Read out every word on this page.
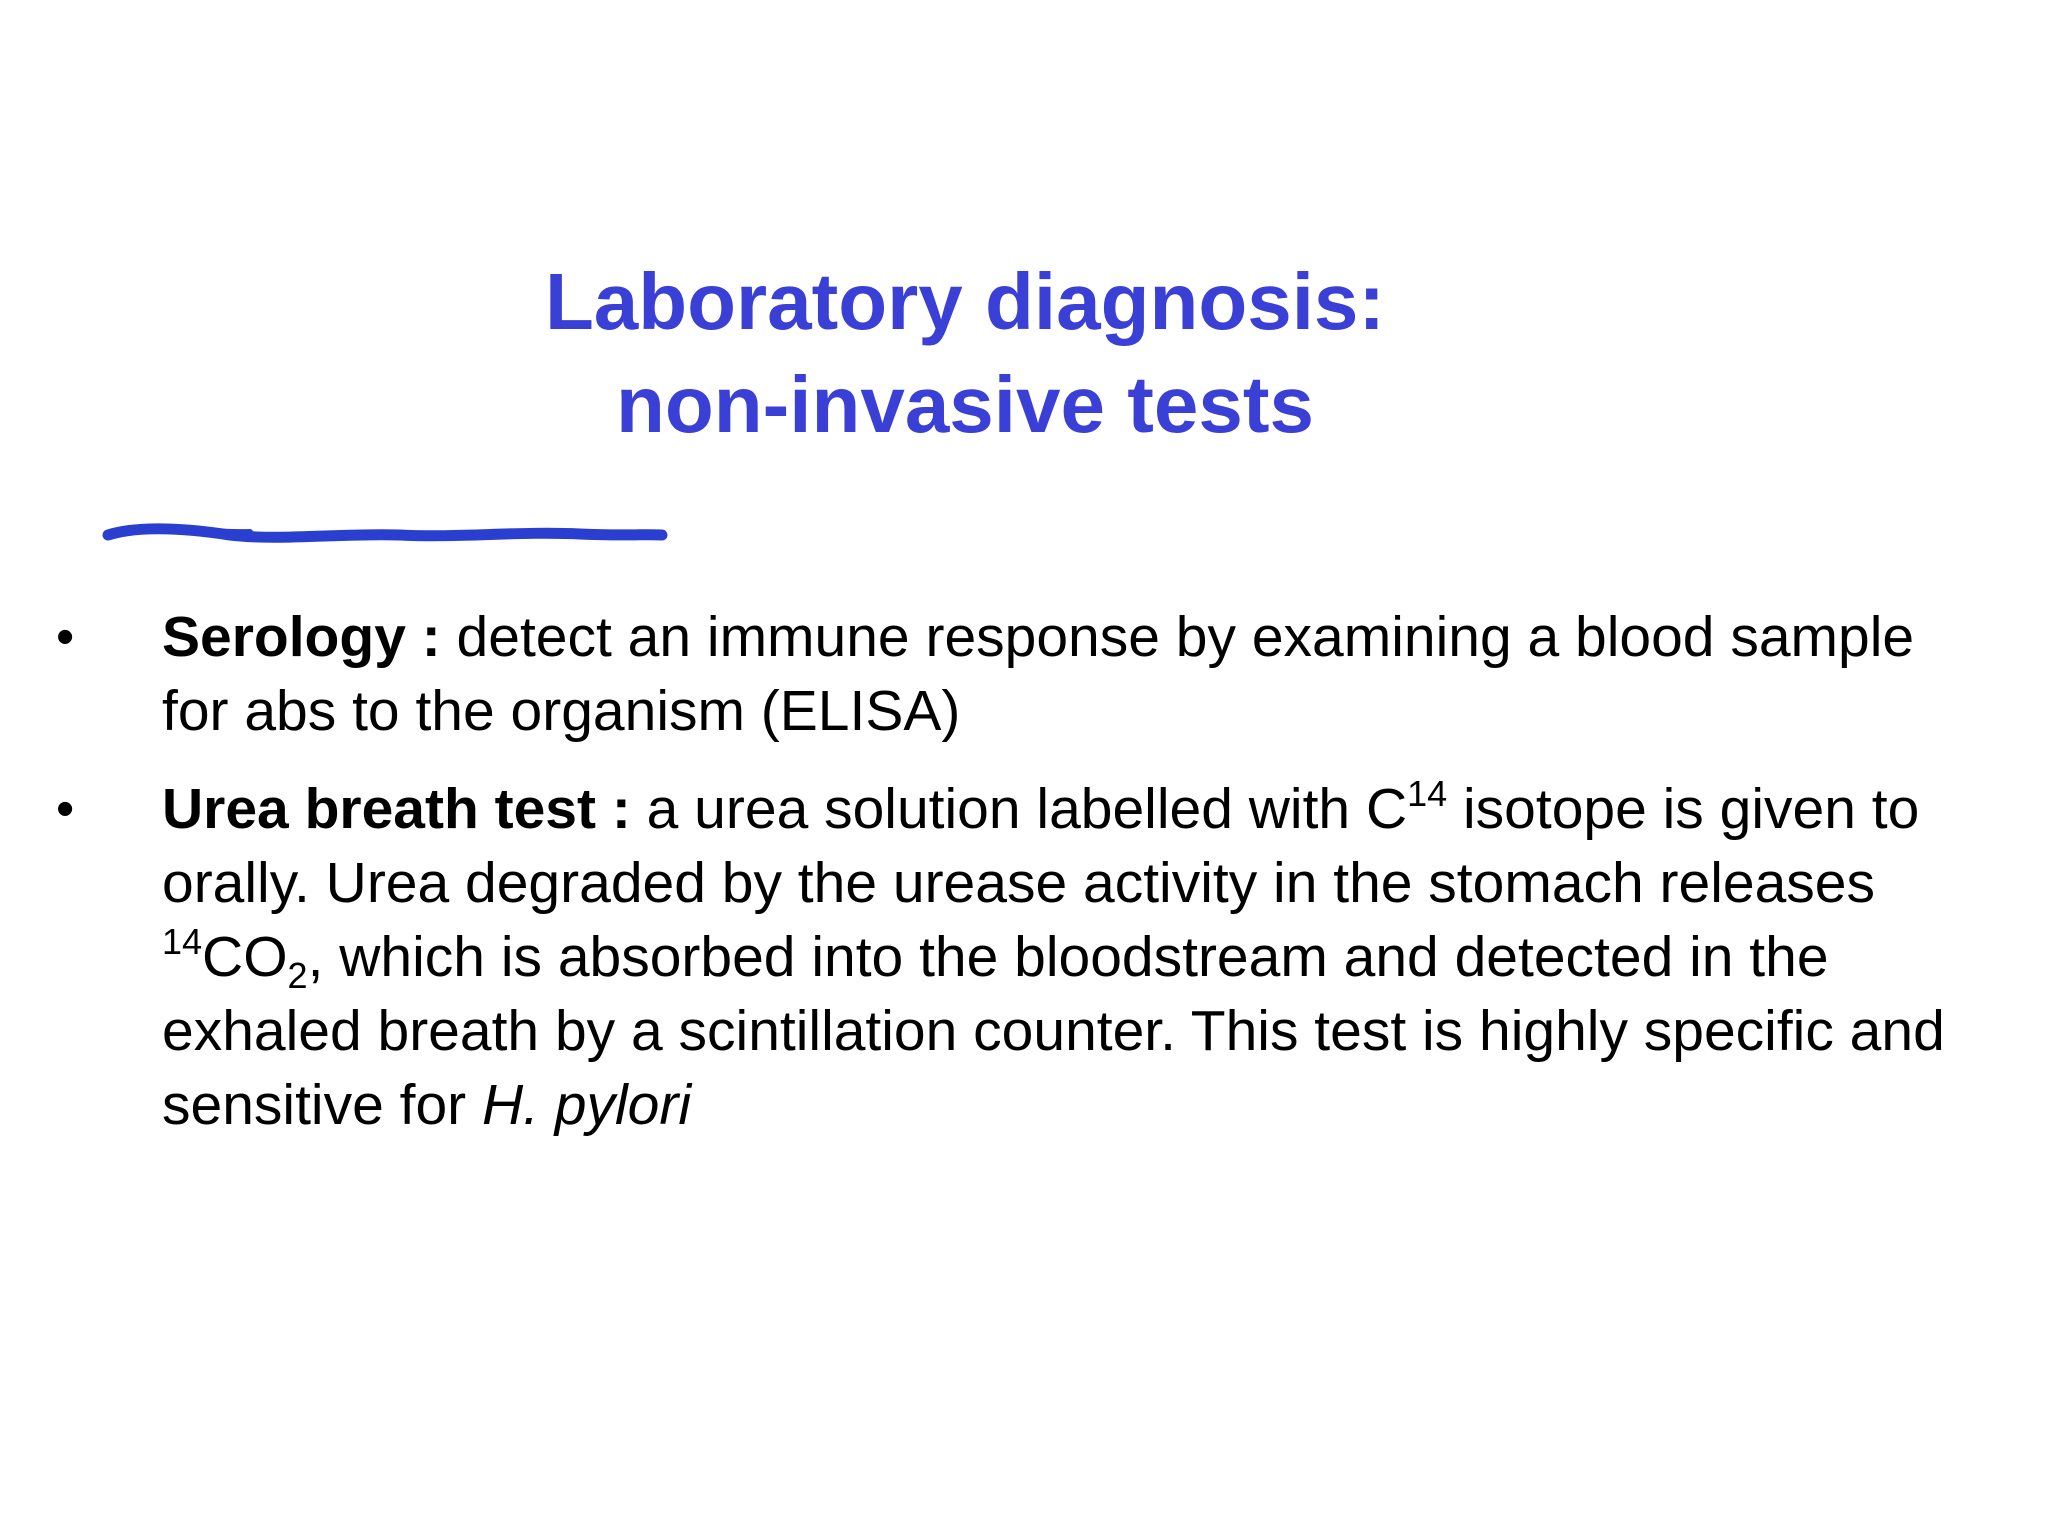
Laboratory diagnosis:
non-invasive tests
• Serology : detect an immune response by examining a blood sample for abs to the organism (ELISA)
• Urea breath test : a urea solution labelled with $C^{14}$ isotope is given to orally. Urea degraded by the urease activity in the stomach releases $^{14}CO_2$, which is absorbed into the bloodstream and detected in the exhaled breath by a scintillation counter. This test is highly specific and sensitive for H. pylori
